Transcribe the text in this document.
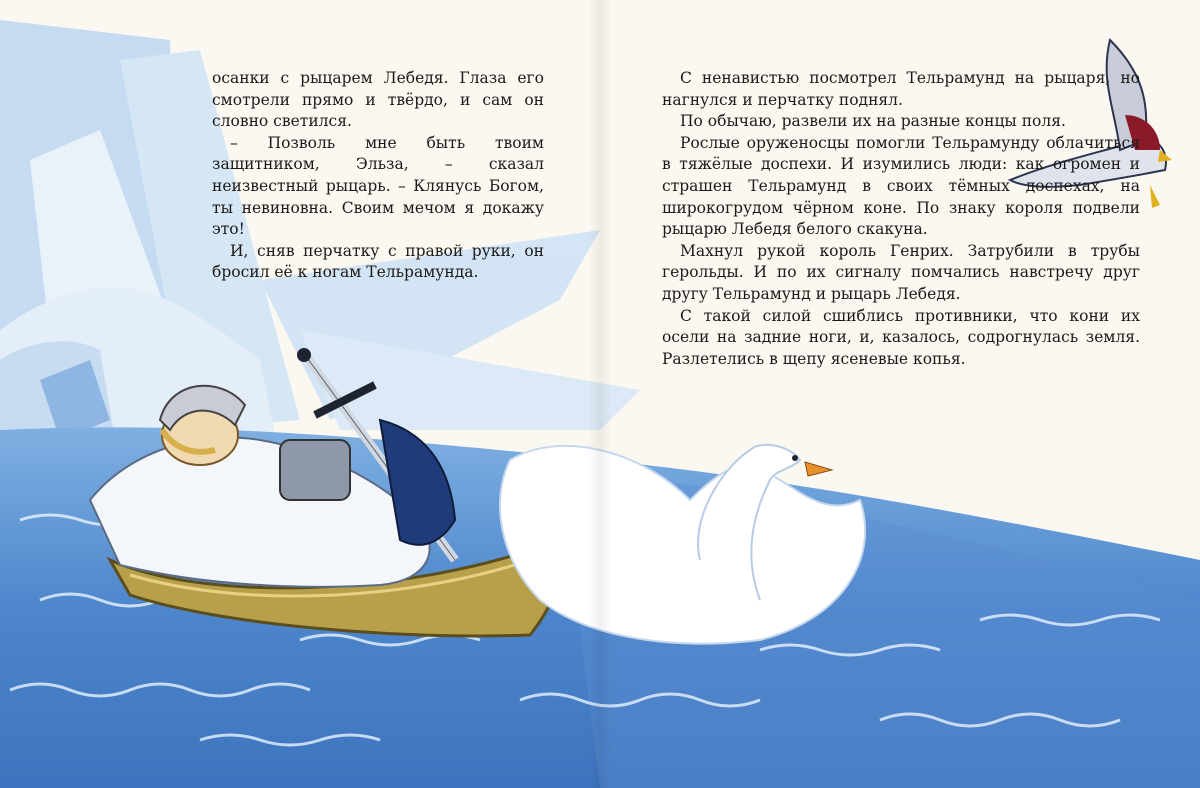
осанки с рыцарем Лебедя. Глаза его смотрели прямо и твёрдо, и сам он словно светился.

– Позволь мне быть твоим защитником, Эльза, – сказал неизвестный рыцарь. – Клянусь Богом, ты невиновна. Своим мечом я докажу это!

И, сняв перчатку с правой руки, он бросил её к ногам Тельрамунда.

С ненавистью посмотрел Тельрамунд на рыцаря, но нагнулся и перчатку поднял.

По обычаю, развели их на разные концы поля.

Рослые оруженосцы помогли Тельрамунду облачиться в тяжёлые доспехи. И изумились люди: как огромен и страшен Тельрамунд в своих тёмных доспехах, на широкогрудом чёрном коне. По знаку короля подвели рыцарю Лебедя белого скакуна.

Махнул рукой король Генрих. Затрубили в трубы герольды. И по их сигналу помчались навстречу друг другу Тельрамунд и рыцарь Лебедя.

С такой силой сшиблись противники, что кони их осели на задние ноги, и, казалось, содрогнулась земля. Разлетелись в щепу ясеневые копья.
